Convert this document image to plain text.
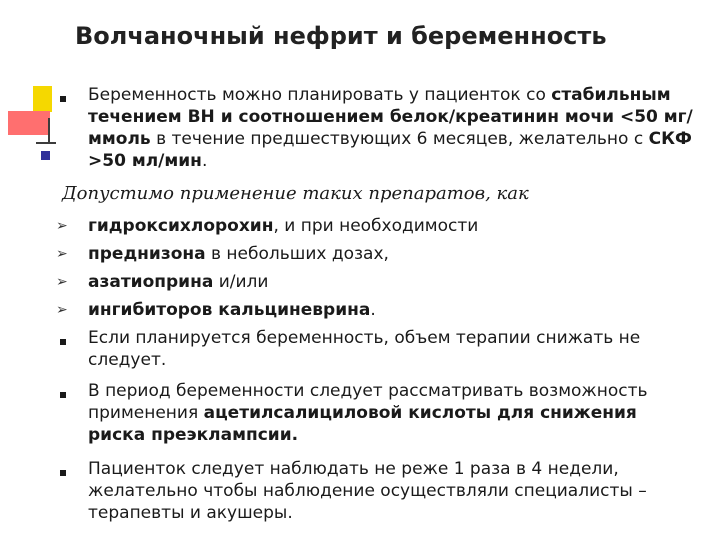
Волчаночный нефрит и беременность
Беременность можно планировать у пациенток со стабильным течением ВН и соотношением белок/креатинин мочи <50 мг/ммоль в течение предшествующих 6 месяцев, желательно с СКФ >50 мл/мин.
Допустимо применение таких препаратов, как
➢ гидроксихлорохин, и при необходимости
➢ преднизона в небольших дозах,
➢ азатиоприна и/или
➢ ингибиторов кальциневрина.
Если планируется беременность, объем терапии снижать не следует.
В период беременности следует рассматривать возможность применения ацетилсалициловой кислоты для снижения риска преэклампсии.
Пациенток следует наблюдать не реже 1 раза в 4 недели, желательно чтобы наблюдение осуществляли специалисты – терапевты и акушеры.
